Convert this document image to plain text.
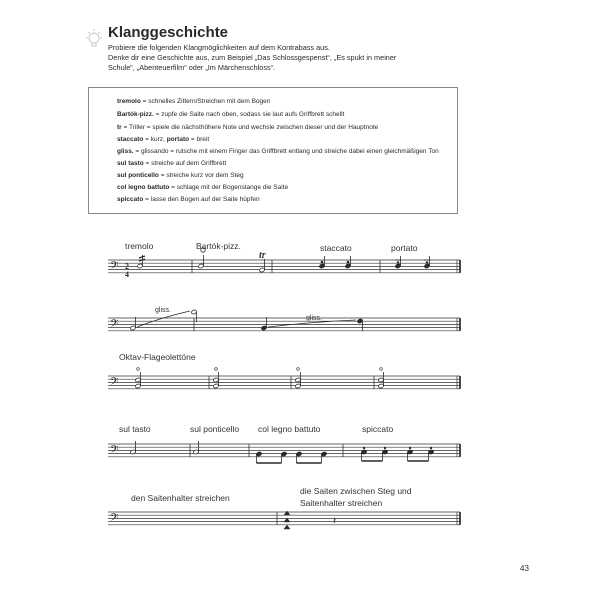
Klanggeschichte
Probiere die folgenden Klangmöglichkeiten auf dem Kontrabass aus.
Denke dir eine Geschichte aus, zum Beispiel „Das Schlossgespenst“, „Es spukt in meiner
Schule“, „Abenteuerfilm“ oder „Im Märchenschloss“.
tremolo = schnelles Zittern/Streichen mit dem Bogen
Bartók-pizz. = zupfe die Saite nach oben, sodass sie laut aufs Griffbrett schellt
tr = Triller = spiele die nächsthöhere Note und wechsle zwischen dieser und der Hauptnote
staccato = kurz, portato = breit
gliss. = glissando = rutsche mit einem Finger das Griffbrett entlang und streiche dabei einen gleichmäßigen Ton
sul tasto = streiche auf dem Griffbrett
sul ponticello = streiche kurz vor dem Steg
col legno battuto = schlage mit der Bogenstange die Saite
spiccato = lasse den Bogen auf der Saite hüpfen
tremolo	Bartók-pizz.
tr
staccato	portato
gliss.
gliss.
Oktav-Flageolettöne
sul tasto	sul ponticello col legno battuto	spiccato
den Saitenhalter streichen
die Saiten zwischen Steg und
Saitenhalter streichen
𝄢
𝄢
𝄢
𝄢
𝄢	𝄽
2
4
43
